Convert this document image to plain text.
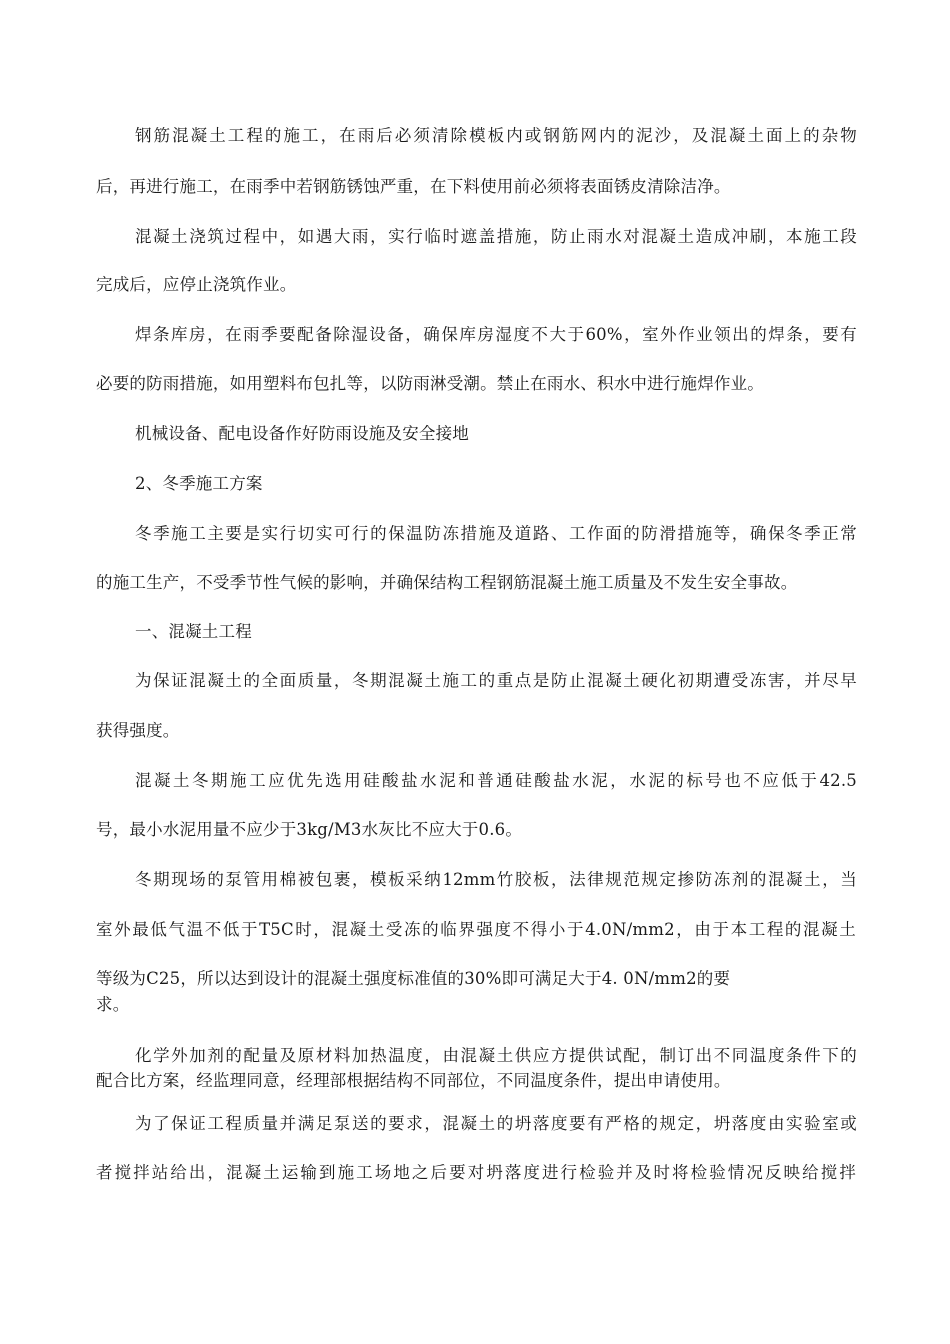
钢筋混凝土工程的施工，在雨后必须清除模板内或钢筋网内的泥沙，及混凝土面上的杂物
后，再进行施工，在雨季中若钢筋锈蚀严重，在下料使用前必须将表面锈皮清除洁净。
混凝土浇筑过程中，如遇大雨，实行临时遮盖措施，防止雨水对混凝土造成冲刷，本施工段
完成后，应停止浇筑作业。
焊条库房，在雨季要配备除湿设备，确保库房湿度不大于60%，室外作业领出的焊条，要有
必要的防雨措施，如用塑料布包扎等，以防雨淋受潮。禁止在雨水、积水中进行施焊作业。
机械设备、配电设备作好防雨设施及安全接地
2、冬季施工方案
冬季施工主要是实行切实可行的保温防冻措施及道路、工作面的防滑措施等，确保冬季正常
的施工生产，不受季节性气候的影响，并确保结构工程钢筋混凝土施工质量及不发生安全事故。
一、混凝土工程
为保证混凝土的全面质量，冬期混凝土施工的重点是防止混凝土硬化初期遭受冻害，并尽早
获得强度。
混凝土冬期施工应优先选用硅酸盐水泥和普通硅酸盐水泥，水泥的标号也不应低于42.5
号，最小水泥用量不应少于3kg/M3水灰比不应大于0.6。
冬期现场的泵管用棉被包裹，模板采纳12mm竹胶板，法律规范规定掺防冻剂的混凝土，当
室外最低气温不低于T5C时，混凝土受冻的临界强度不得小于4.0N/mm2，由于本工程的混凝土
等级为C25，所以达到设计的混凝土强度标准值的30%即可满足大于4. 0N/mm2的要
求。
化学外加剂的配量及原材料加热温度，由混凝土供应方提供试配，制订出不同温度条件下的
配合比方案，经监理同意，经理部根据结构不同部位，不同温度条件，提出申请使用。
为了保证工程质量并满足泵送的要求，混凝土的坍落度要有严格的规定，坍落度由实验室或
者搅拌站给出，混凝土运输到施工场地之后要对坍落度进行检验并及时将检验情况反映给搅拌
